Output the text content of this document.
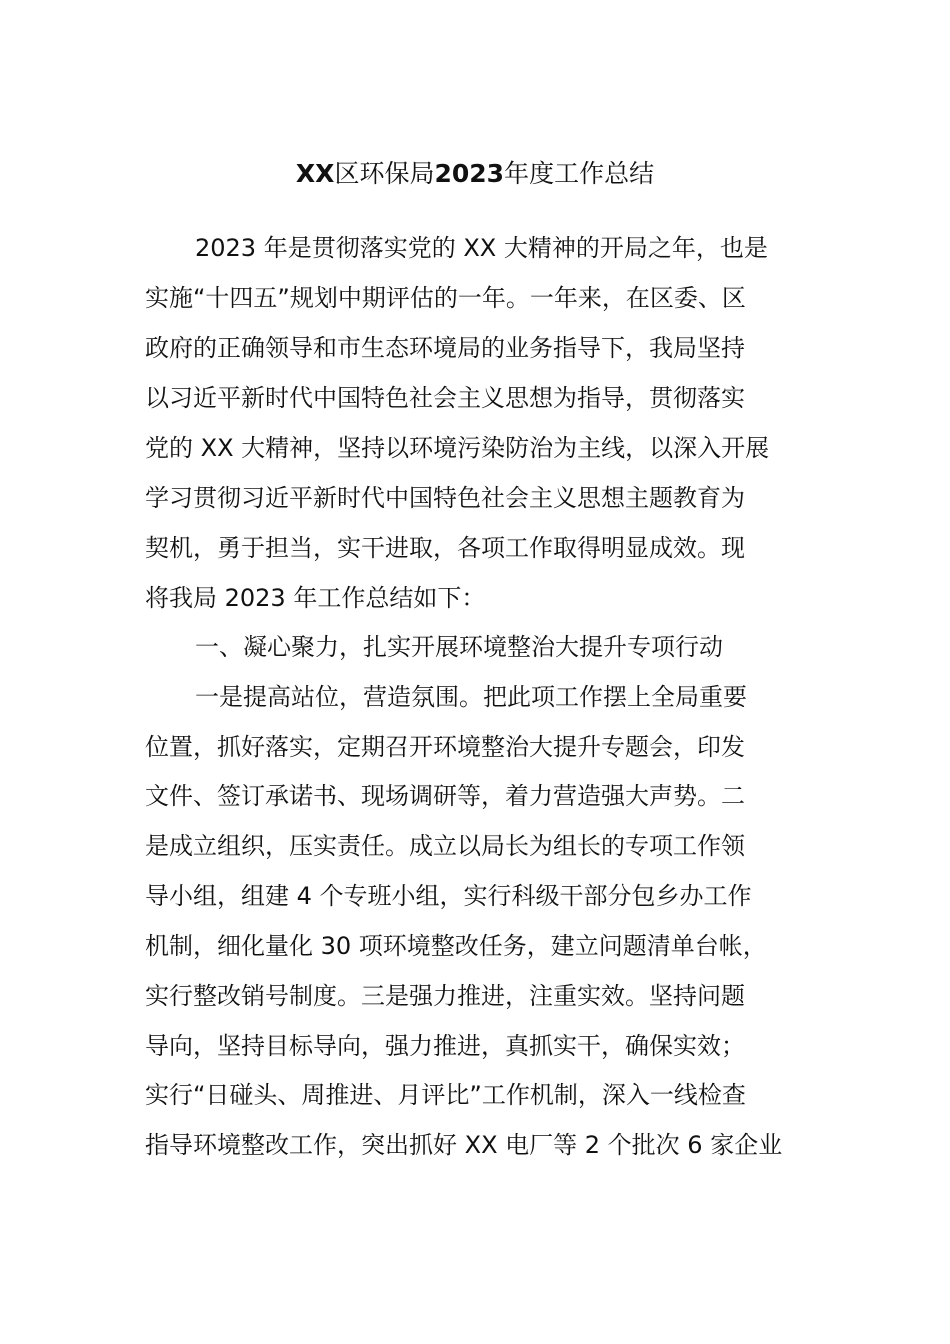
XX区环保局2023年度工作总结
2023 年是贯彻落实党的 XX 大精神的开局之年，也是
实施“十四五”规划中期评估的一年。一年来，在区委、区
政府的正确领导和市生态环境局的业务指导下，我局坚持
以习近平新时代中国特色社会主义思想为指导，贯彻落实
党的 XX 大精神，坚持以环境污染防治为主线，以深入开展
学习贯彻习近平新时代中国特色社会主义思想主题教育为
契机，勇于担当，实干进取，各项工作取得明显成效。现
将我局 2023 年工作总结如下：
一、凝心聚力，扎实开展环境整治大提升专项行动
一是提高站位，营造氛围。把此项工作摆上全局重要
位置，抓好落实，定期召开环境整治大提升专题会，印发
文件、签订承诺书、现场调研等，着力营造强大声势。二
是成立组织，压实责任。成立以局长为组长的专项工作领
导小组，组建 4 个专班小组，实行科级干部分包乡办工作
机制，细化量化 30 项环境整改任务，建立问题清单台帐，
实行整改销号制度。三是强力推进，注重实效。坚持问题
导向，坚持目标导向，强力推进，真抓实干，确保实效；
实行“日碰头、周推进、月评比”工作机制，深入一线检查
指导环境整改工作，突出抓好 XX 电厂等 2 个批次 6 家企业
